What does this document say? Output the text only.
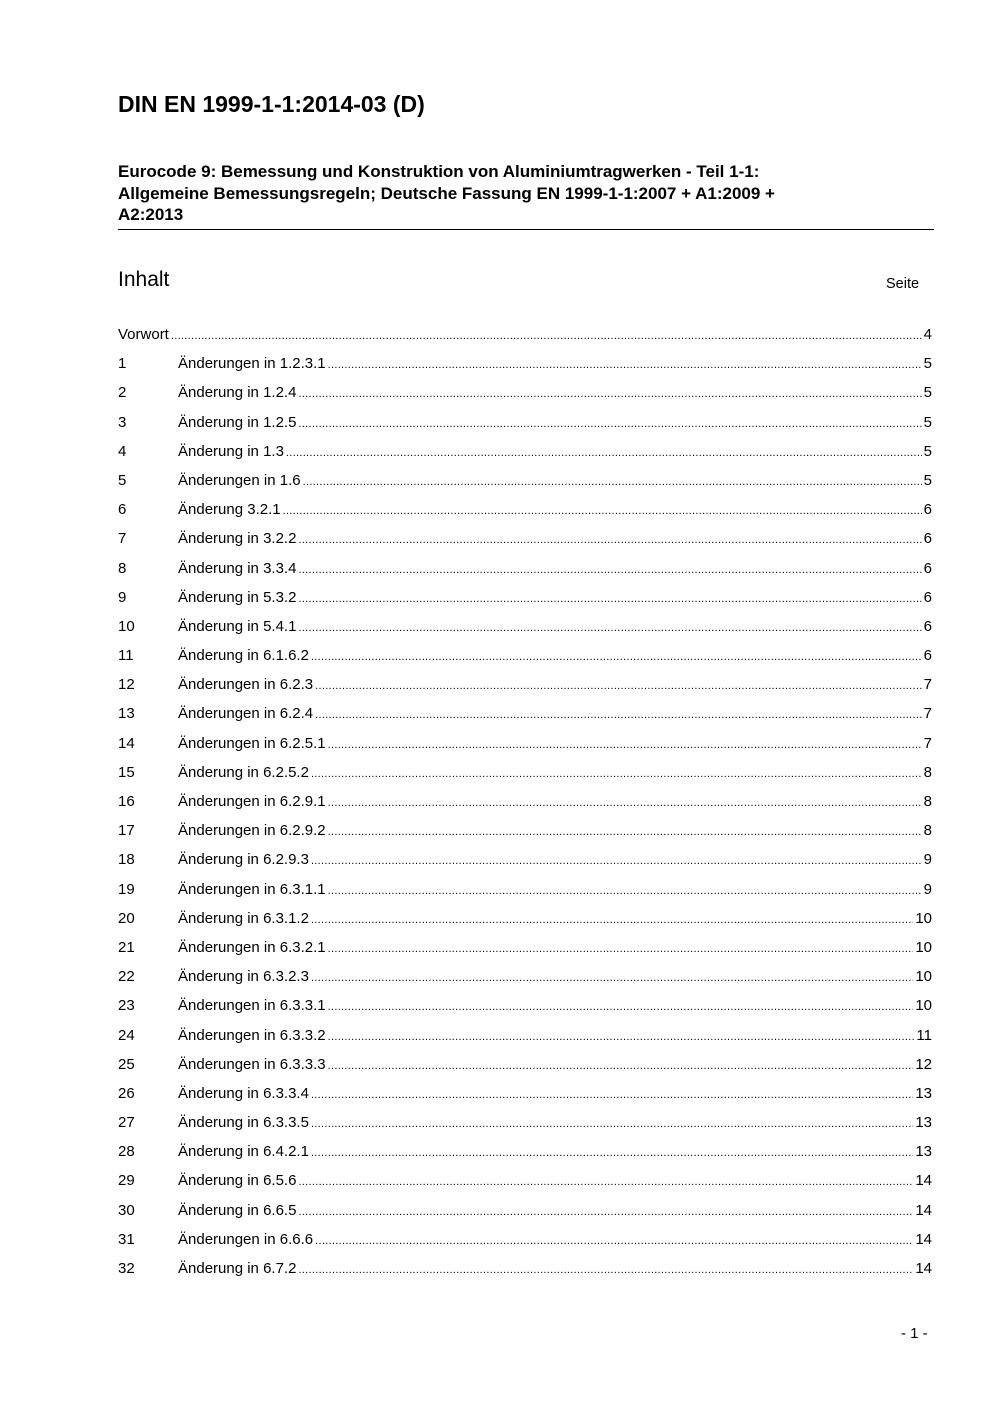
DIN EN 1999-1-1:2014-03 (D)
Eurocode 9: Bemessung und Konstruktion von Aluminiumtragwerken - Teil 1-1:
Allgemeine Bemessungsregeln; Deutsche Fassung EN 1999-1-1:2007 + A1:2009 +
A2:2013
Inhalt	Seite
Vorwort .....	4
1	Änderungen in 1.2.3.1 .....	5
2	Änderung in 1.2.4 .....	5
3	Änderung in 1.2.5 .....	5
4	Änderung in 1.3 .....	5
5	Änderungen in 1.6 .....	5
6	Änderung 3.2.1 .....	6
7	Änderung in 3.2.2 .....	6
8	Änderung in 3.3.4 .....	6
9	Änderung in 5.3.2 .....	6
10	Änderung in 5.4.1 .....	6
11	Änderung in 6.1.6.2 .....	6
12	Änderungen in 6.2.3 .....	7
13	Änderungen in 6.2.4 .....	7
14	Änderungen in 6.2.5.1 .....	7
15	Änderung in 6.2.5.2 .....	8
16	Änderungen in 6.2.9.1 .....	8
17	Änderungen in 6.2.9.2 .....	8
18	Änderung in 6.2.9.3 .....	9
19	Änderungen in 6.3.1.1 .....	9
20	Änderung in 6.3.1.2 .....	10
21	Änderungen in 6.3.2.1 .....	10
22	Änderung in 6.3.2.3 .....	10
23	Änderungen in 6.3.3.1 .....	10
24	Änderungen in 6.3.3.2 .....	11
25	Änderungen in 6.3.3.3 .....	12
26	Änderung in 6.3.3.4 .....	13
27	Änderung in 6.3.3.5 .....	13
28	Änderung in 6.4.2.1 .....	13
29	Änderung in 6.5.6 .....	14
30	Änderung in 6.6.5 .....	14
31	Änderungen in 6.6.6 .....	14
32	Änderung in 6.7.2 .....	14
- 1 -
